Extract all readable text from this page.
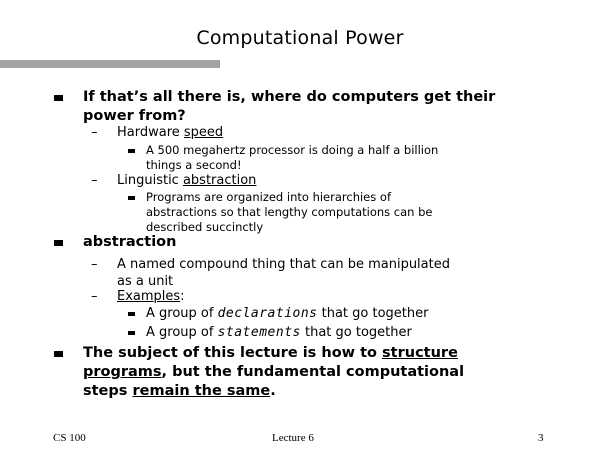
Computational Power
If that’s all there is, where do computers get their
power from?
– Hardware speed
A 500 megahertz processor is doing a half a billion
things a second!
– Linguistic abstraction
Programs are organized into hierarchies of
abstractions so that lengthy computations can be
described succinctly
abstraction
– A named compound thing that can be manipulated
as a unit
– Examples:
A group of declarations that go together
A group of statements that go together
The subject of this lecture is how to structure
programs, but the fundamental computational
steps remain the same.
CS 100	Lecture 6	3
